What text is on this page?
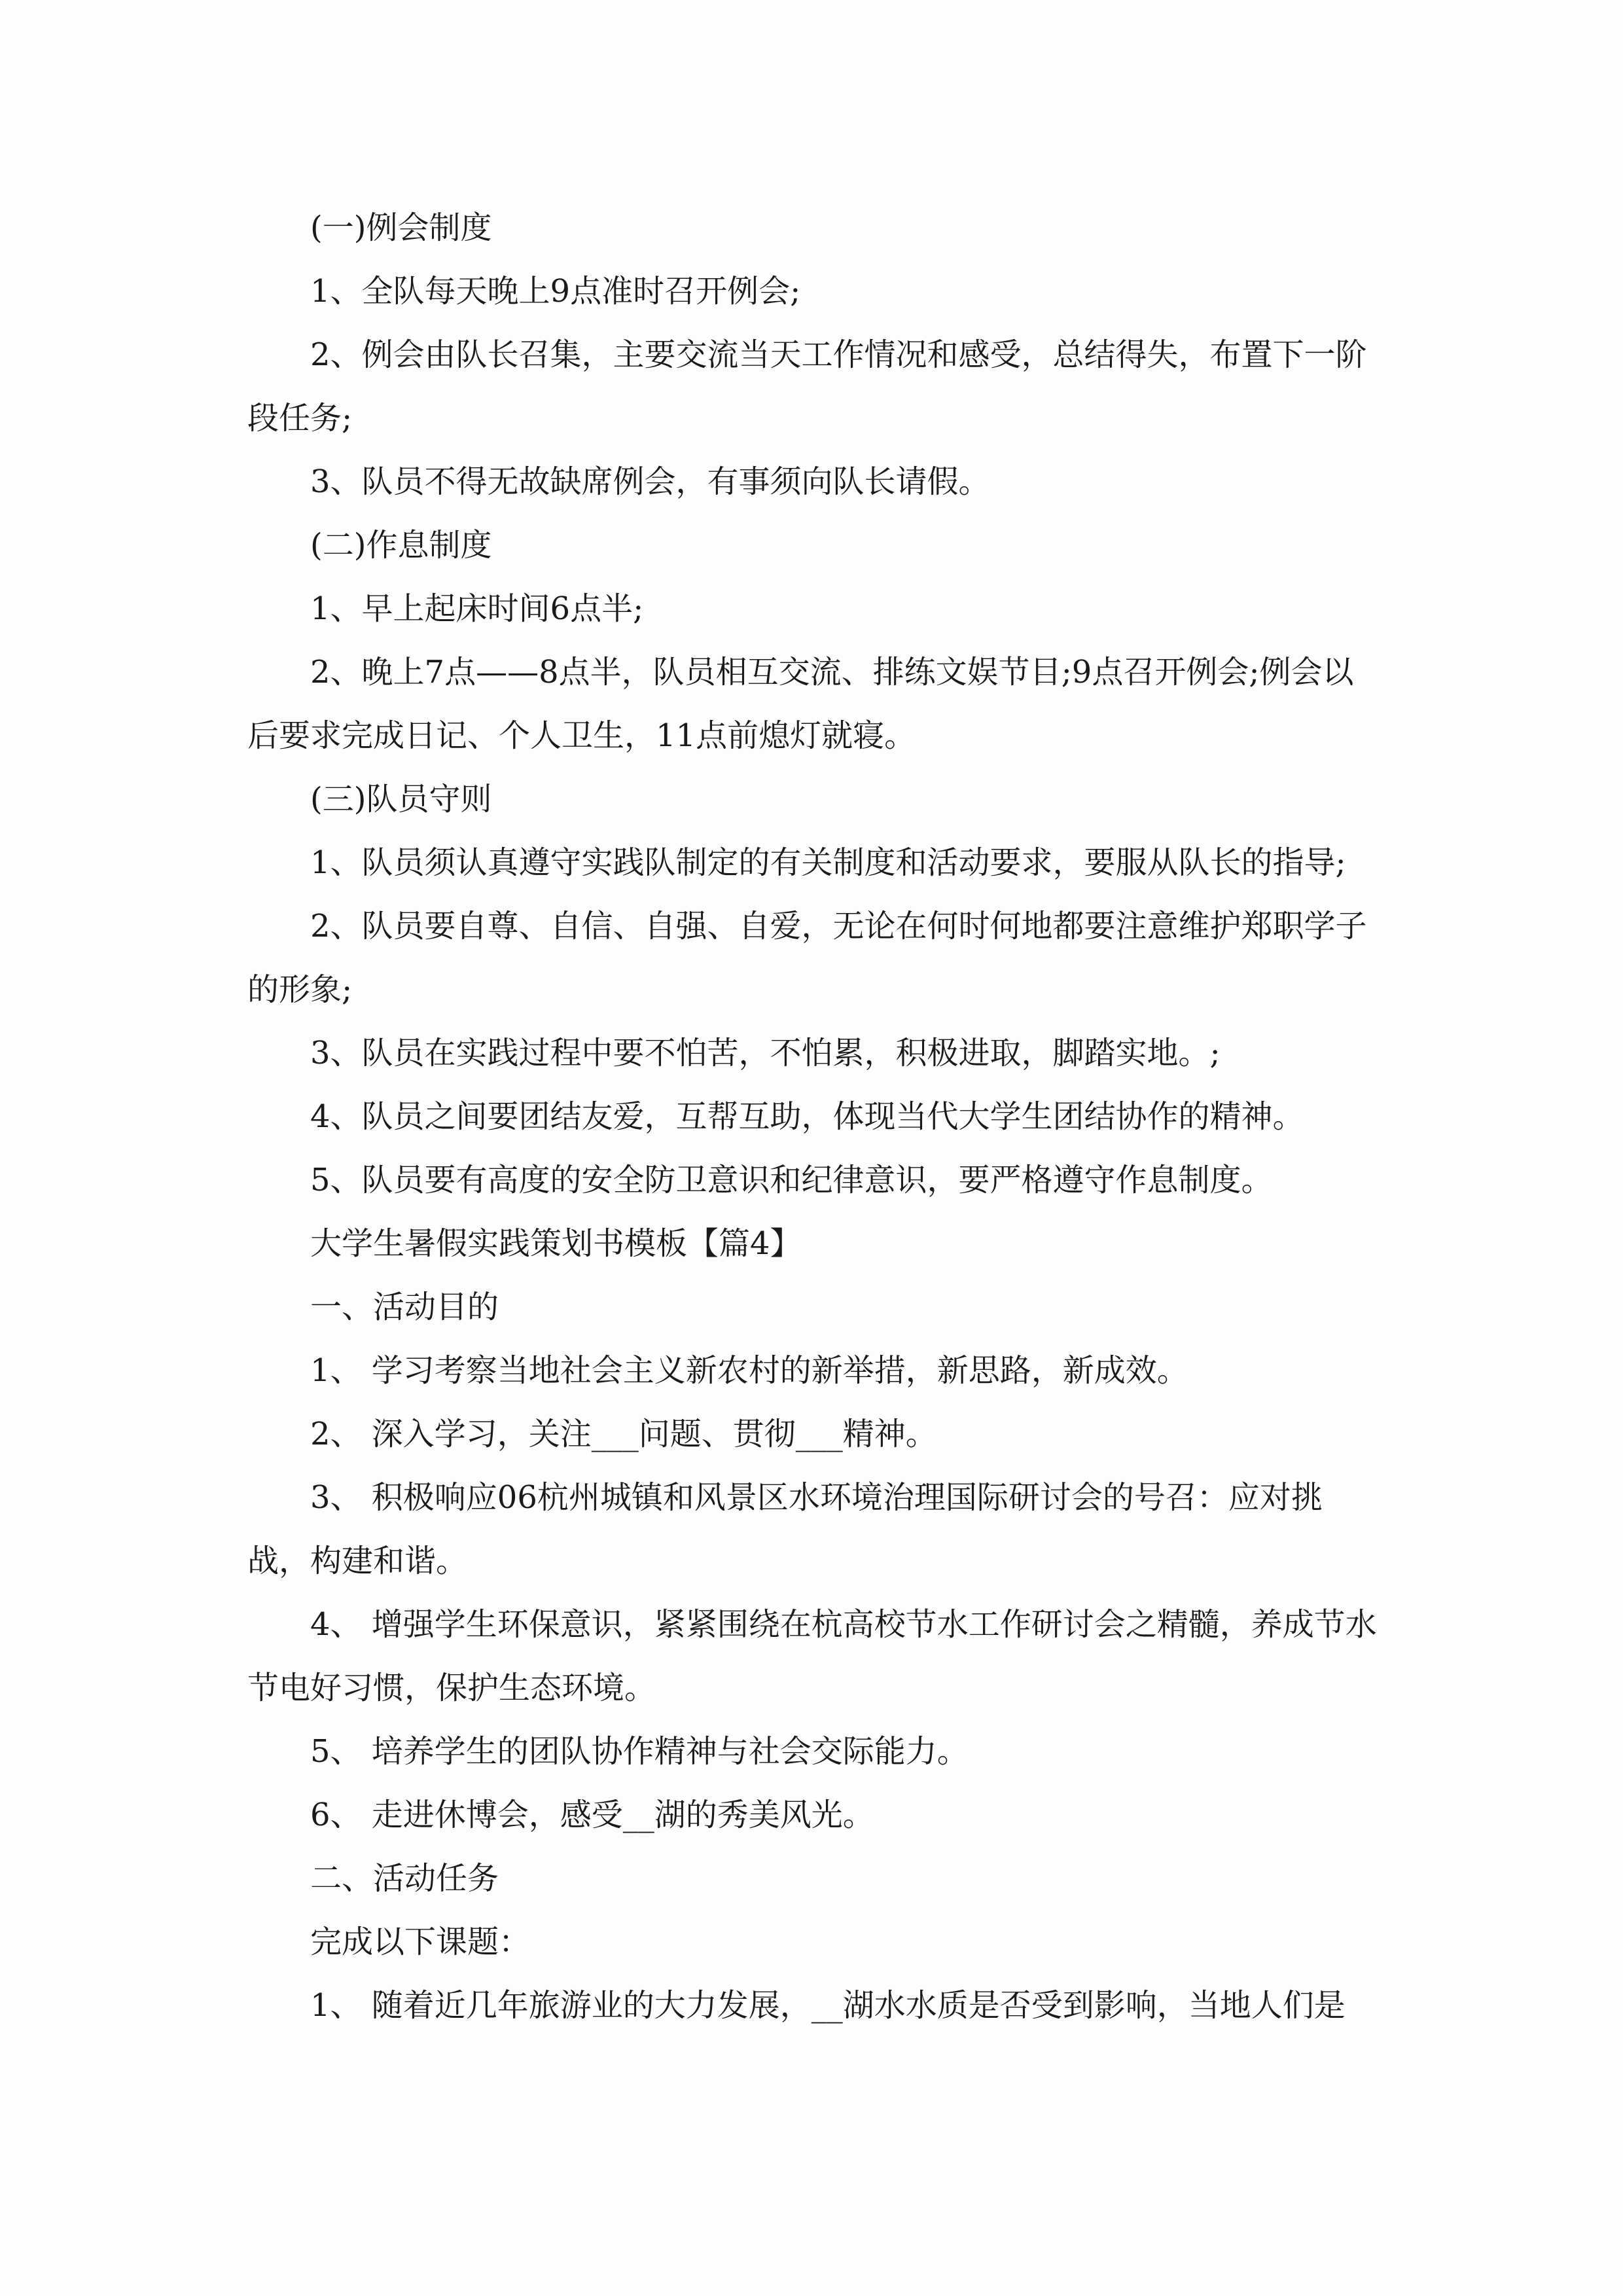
(一)例会制度

1、全队每天晚上9点准时召开例会;

2、例会由队长召集，主要交流当天工作情况和感受，总结得失，布置下一阶段任务;

3、队员不得无故缺席例会，有事须向队长请假。

(二)作息制度

1、早上起床时间6点半;

2、晚上7点——8点半，队员相互交流、排练文娱节目;9点召开例会;例会以后要求完成日记、个人卫生，11点前熄灯就寝。

(三)队员守则

1、队员须认真遵守实践队制定的有关制度和活动要求，要服从队长的指导;

2、队员要自尊、自信、自强、自爱，无论在何时何地都要注意维护郑职学子的形象;

3、队员在实践过程中要不怕苦，不怕累，积极进取，脚踏实地。;

4、队员之间要团结友爱，互帮互助，体现当代大学生团结协作的精神。

5、队员要有高度的安全防卫意识和纪律意识，要严格遵守作息制度。

大学生暑假实践策划书模板【篇4】

一、活动目的

1、 学习考察当地社会主义新农村的新举措，新思路，新成效。

2、 深入学习，关注___问题、贯彻___精神。

3、 积极响应06杭州城镇和风景区水环境治理国际研讨会的号召：应对挑战，构建和谐。

4、 增强学生环保意识，紧紧围绕在杭高校节水工作研讨会之精髓，养成节水节电好习惯，保护生态环境。

5、 培养学生的团队协作精神与社会交际能力。

6、 走进休博会，感受__湖的秀美风光。

二、活动任务

完成以下课题：

1、 随着近几年旅游业的大力发展，__湖水水质是否受到影响，当地人们是
